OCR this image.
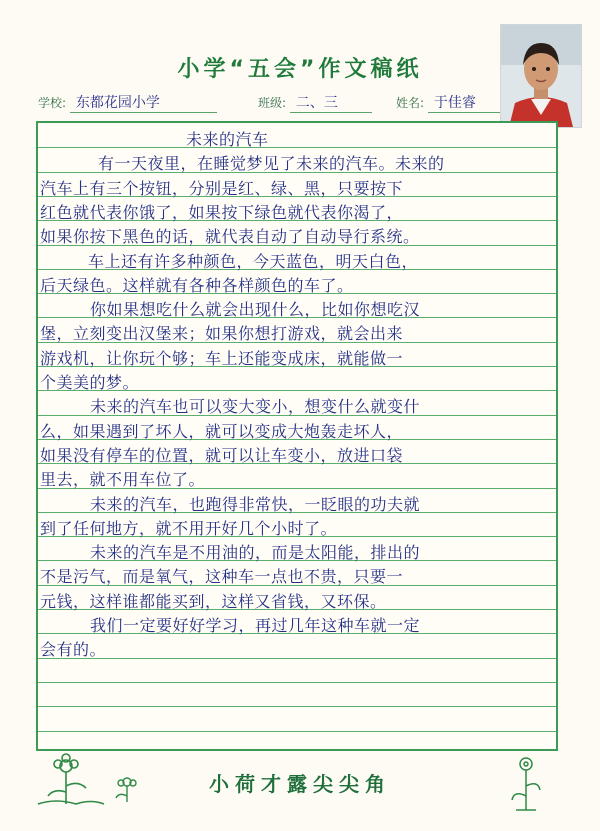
小学“五会”作文稿纸
学校: 东都花园小学	班级: 二、三	姓名: 于佳睿
未来的汽车
有一天夜里，在睡觉梦见了未来的汽车。未来的
汽车上有三个按钮，分别是红、绿、黑，只要按下
红色就代表你饿了，如果按下绿色就代表你渴了，
如果你按下黑色的话，就代表自动了自动导行系统。
车上还有许多种颜色，今天蓝色，明天白色，
后天绿色。这样就有各种各样颜色的车了。
你如果想吃什么就会出现什么，比如你想吃汉
堡，立刻变出汉堡来；如果你想打游戏，就会出来
游戏机，让你玩个够；车上还能变成床，就能做一
个美美的梦。
未来的汽车也可以变大变小，想变什么就变什
么，如果遇到了坏人，就可以变成大炮轰走坏人，
如果没有停车的位置，就可以让车变小，放进口袋
里去，就不用车位了。
未来的汽车，也跑得非常快，一眨眼的功夫就
到了任何地方，就不用开好几个小时了。
未来的汽车是不用油的，而是太阳能，排出的
不是污气，而是氧气，这种车一点也不贵，只要一
元钱，这样谁都能买到，这样又省钱，又环保。
我们一定要好好学习，再过几年这种车就一定
会有的。
小荷才露尖尖角
